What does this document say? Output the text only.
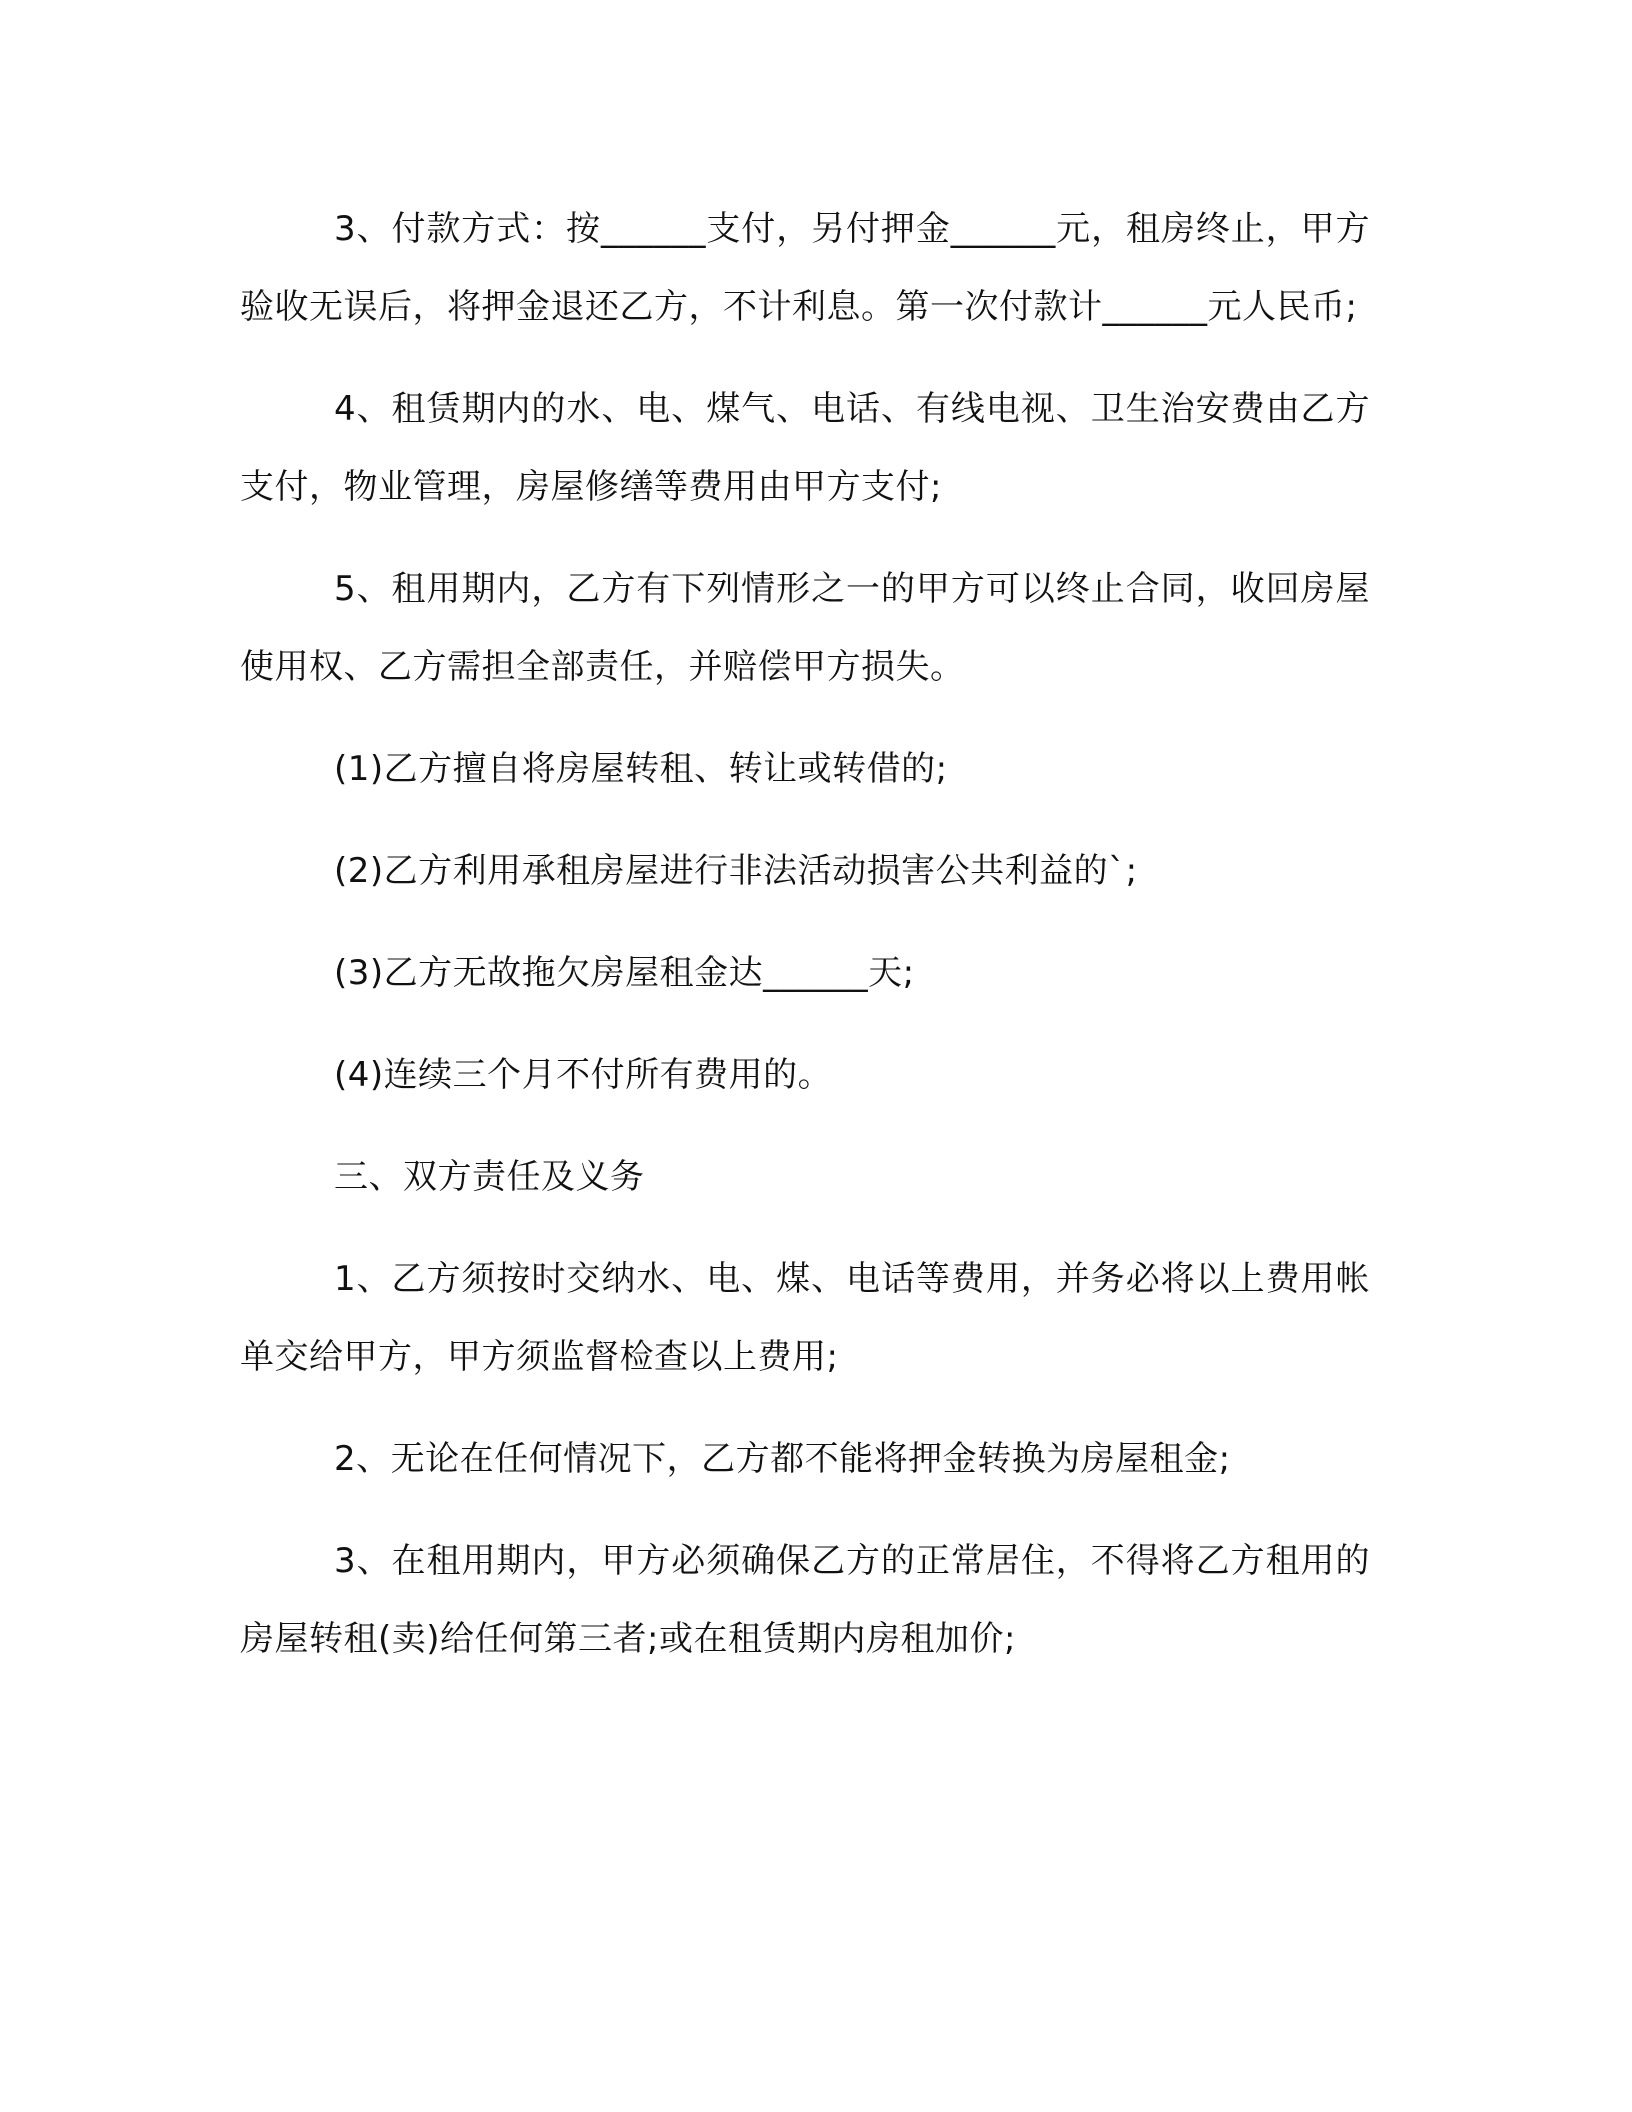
3、付款方式：按______支付，另付押金______元，租房终止，甲方验收无误后，将押金退还乙方，不计利息。第一次付款计______元人民币;

4、租赁期内的水、电、煤气、电话、有线电视、卫生治安费由乙方支付，物业管理，房屋修缮等费用由甲方支付;

5、租用期内，乙方有下列情形之一的甲方可以终止合同，收回房屋使用权、乙方需担全部责任，并赔偿甲方损失。

(1)乙方擅自将房屋转租、转让或转借的;

(2)乙方利用承租房屋进行非法活动损害公共利益的`;

(3)乙方无故拖欠房屋租金达______天;

(4)连续三个月不付所有费用的。

三、双方责任及义务

1、乙方须按时交纳水、电、煤、电话等费用，并务必将以上费用帐单交给甲方，甲方须监督检查以上费用;

2、无论在任何情况下，乙方都不能将押金转换为房屋租金;

3、在租用期内，甲方必须确保乙方的正常居住，不得将乙方租用的房屋转租(卖)给任何第三者;或在租赁期内房租加价;
